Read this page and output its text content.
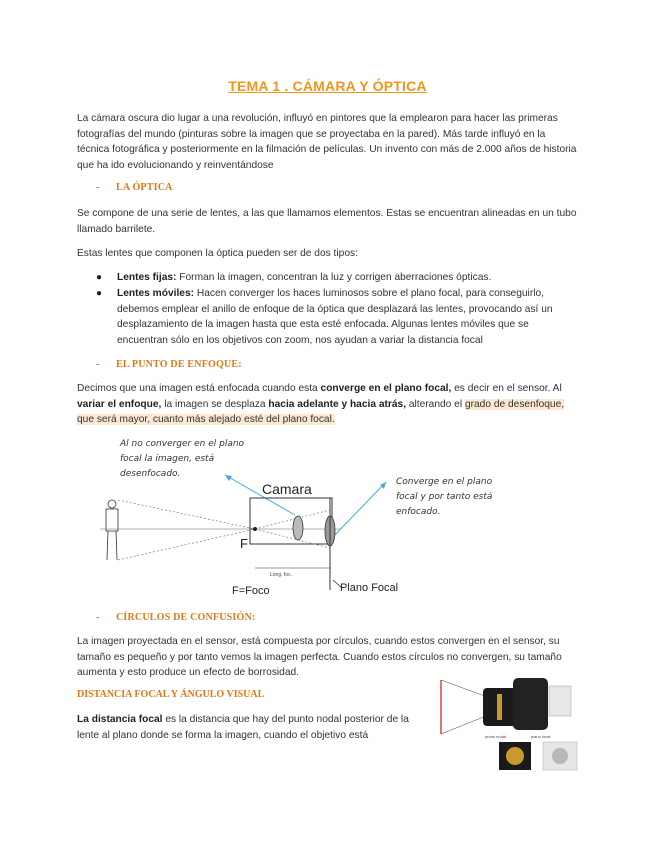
TEMA 1 . CÁMARA Y ÓPTICA
La cámara oscura dio lugar a una revolución, influyó en pintores que la emplearon para hacer las primeras fotografías del mundo (pinturas sobre la imagen que se proyectaba en la pared). Más tarde influyó en la técnica fotográfica y posteriormente en la filmación de películas. Un invento con más de 2.000 años de historia que ha ido evolucionando y reinventándose
- LA ÓPTICA
Se compone de una serie de lentes, a las que llamamos elementos. Estas se encuentran alineadas en un tubo llamado barrilete.
Estas lentes que componen la óptica pueden ser de dos tipos:
● Lentes fijas: Forman la imagen, concentran la luz y corrigen aberraciones ópticas.
● Lentes móviles: Hacen converger los haces luminosos sobre el plano focal, para conseguirlo, debemos emplear el anillo de enfoque de la óptica que desplazará las lentes, provocando así un desplazamiento de la imagen hasta que esta esté enfocada. Algunas lentes móviles que se encuentran sólo en los objetivos con zoom, nos ayudan a variar la distancia focal
- EL PUNTO DE ENFOQUE:
Decimos que una imagen está enfocada cuando esta converge en el plano focal, es decir en el sensor. Al variar el enfoque, la imagen se desplaza hacia adelante y hacia atrás, alterando el grado de desenfoque, que será mayor, cuanto más alejado esté del plano focal.
Al no converger en el plano
focal la imagen, está
desenfocado.
Converge en el plano
focal y por tanto está
enfocado.
Camara
Plano Focal
F
F=Foco
Long. foc.
- CÍRCULOS DE CONFUSIÓN:
La imagen proyectada en el sensor, está compuesta por círculos, cuando estos convergen en el sensor, su tamaño es pequeño y por tanto vemos la imagen perfecta. Cuando estos círculos no convergen, su tamaño aumenta y esto produce un efecto de borrosidad.
DISTANCIA FOCAL Y ÁNGULO VISUAL
La distancia focal es la distancia que hay del punto nodal posterior de la lente al plano donde se forma la imagen, cuando el objetivo está	punto nodal	plano focal
